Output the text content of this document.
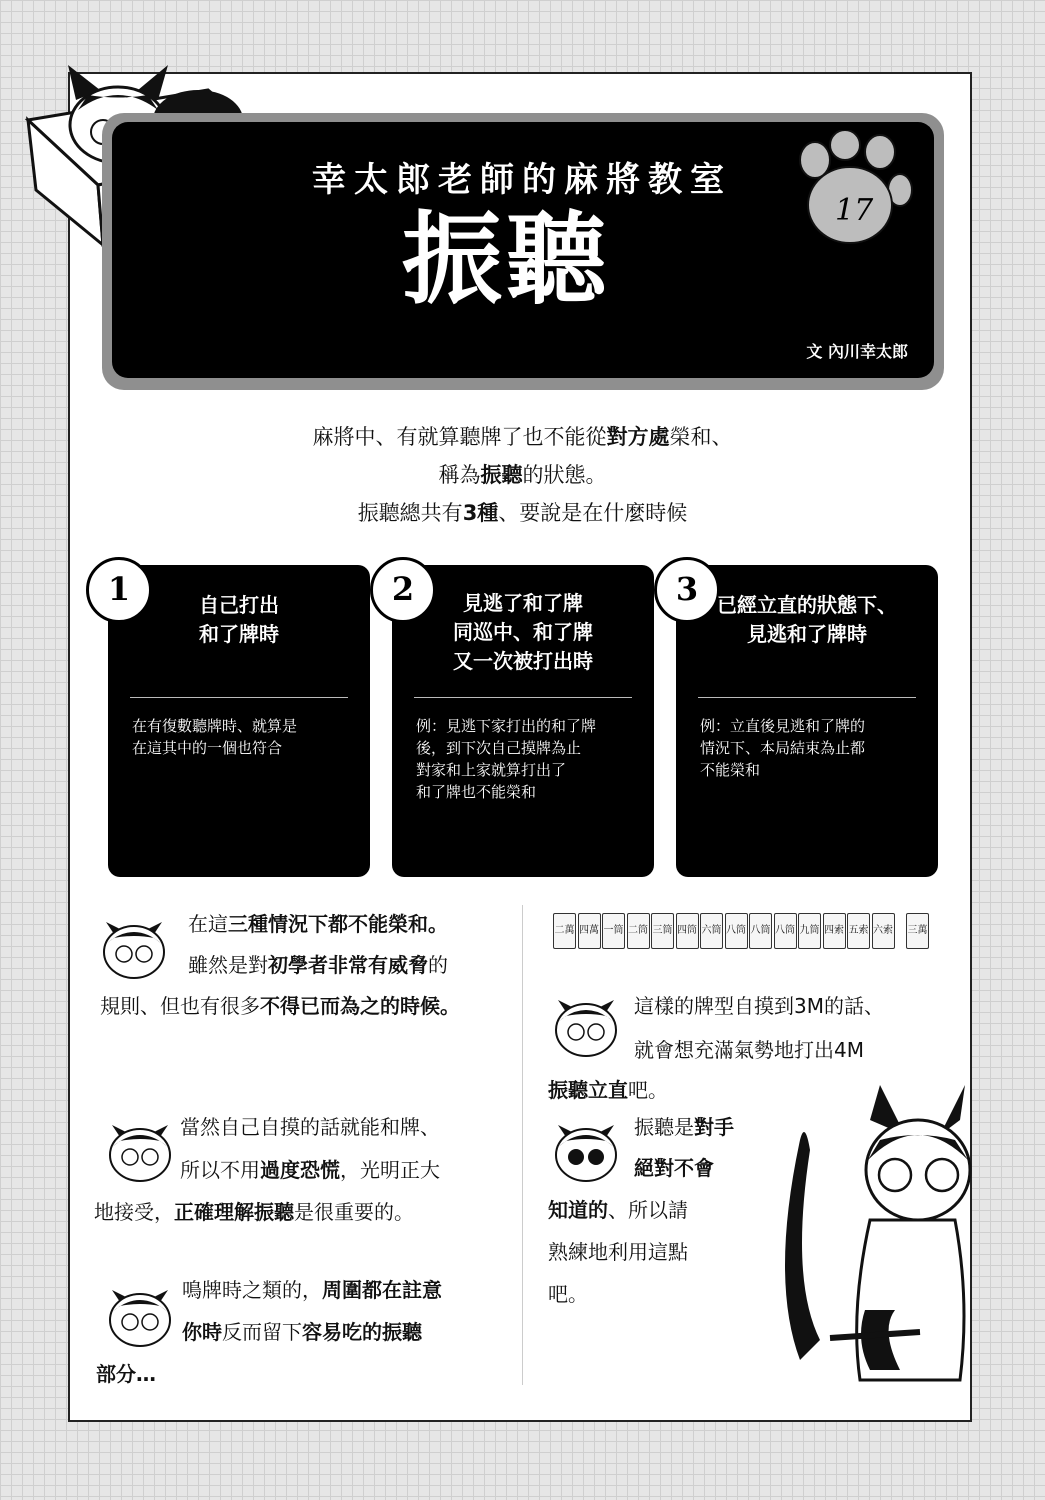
幸太郎老師的麻將教室
振聽
文 內川幸太郎
17
麻將中、有就算聽牌了也不能從對方處榮和、
稱為振聽的狀態。
振聽總共有3種、要說是在什麼時候
1	自己打出
和了牌時
在有復數聽牌時、就算是
在這其中的一個也符合
2	見逃了和了牌
同巡中、和了牌
又一次被打出時
例：見逃下家打出的和了牌
後，到下次自己摸牌為止
對家和上家就算打出了
和了牌也不能榮和
3 已經立直的狀態下、
見逃和了牌時
例：立直後見逃和了牌的
情況下、本局結束為止都
不能榮和
在這三種情況下都不能榮和。
雖然是對初學者非常有威脅的
規則、但也有很多不得已而為之的時候。
當然自己自摸的話就能和牌、
所以不用過度恐慌，光明正大
地接受，正確理解振聽是很重要的。
鳴牌時之類的，周圍都在註意
你時反而留下容易吃的振聽
部分…
二萬 四萬 一筒 二筒 三筒 四筒 六筒 八筒 八筒 八筒 九筒 四索 五索 六索 三萬
這樣的牌型自摸到3M的話、
就會想充滿氣勢地打出4M
振聽立直吧。
振聽是對手
絕對不會
知道的、所以請
熟練地利用這點
吧。
